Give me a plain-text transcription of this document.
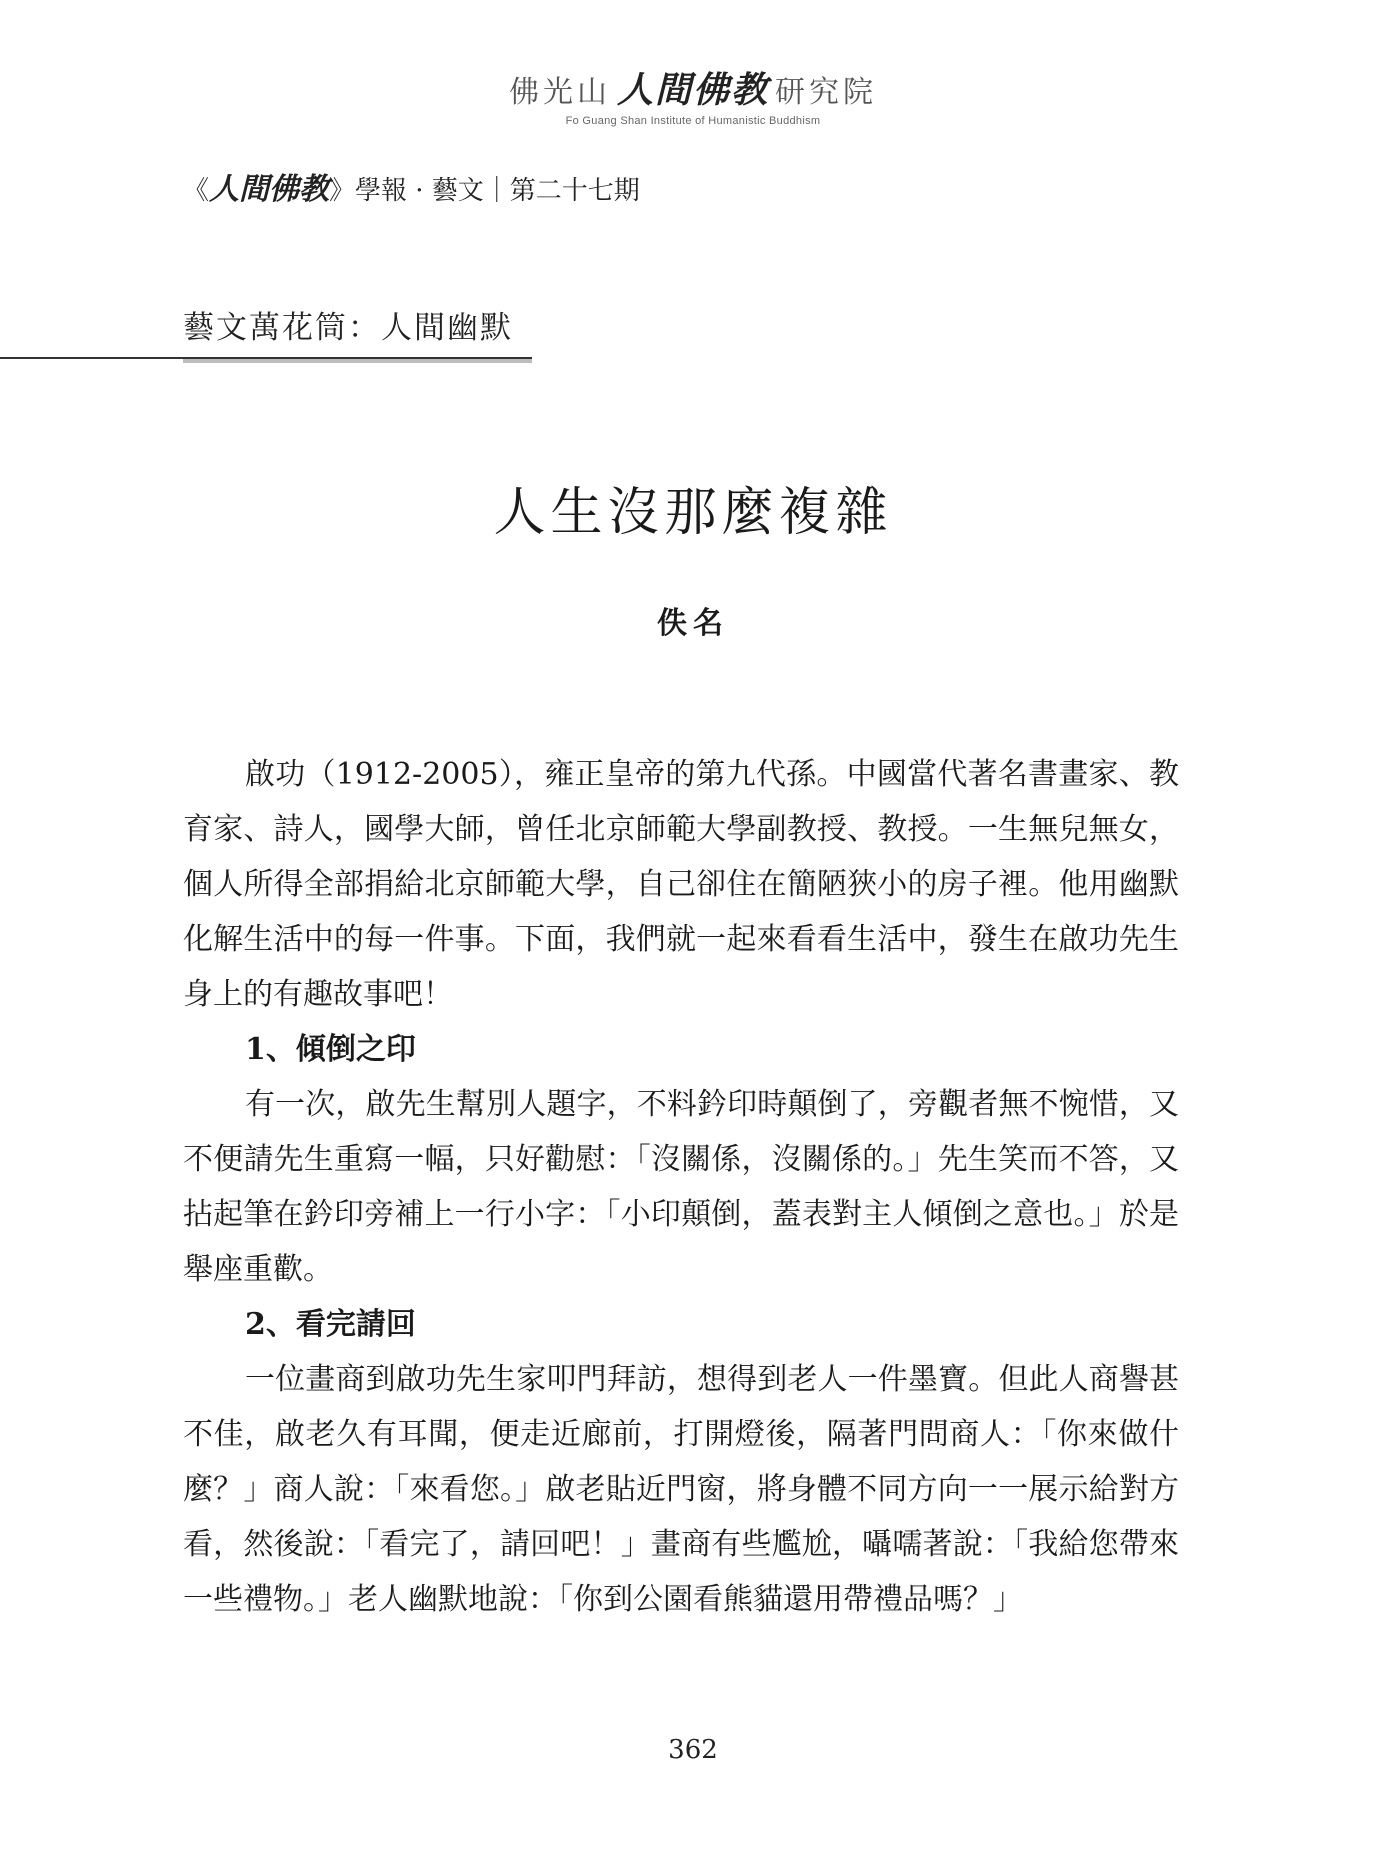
佛光山 人間佛教 研究院
Fo Guang Shan Institute of Humanistic Buddhism
《人間佛教》學報 · 藝文｜第二十七期
藝文萬花筒：人間幽默
人生沒那麼複雜
佚名

啟功（1912-2005），雍正皇帝的第九代孫。中國當代著名書畫家、教育家、詩人，國學大師，曾任北京師範大學副教授、教授。一生無兒無女，個人所得全部捐給北京師範大學，自己卻住在簡陋狹小的房子裡。他用幽默化解生活中的每一件事。下面，我們就一起來看看生活中，發生在啟功先生身上的有趣故事吧！

1、傾倒之印

有一次，啟先生幫別人題字，不料鈐印時顛倒了，旁觀者無不惋惜，又不便請先生重寫一幅，只好勸慰：「沒關係，沒關係的。」先生笑而不答，又拈起筆在鈐印旁補上一行小字：「小印顛倒，蓋表對主人傾倒之意也。」於是舉座重歡。

2、看完請回

一位畫商到啟功先生家叩門拜訪，想得到老人一件墨寶。但此人商譽甚不佳，啟老久有耳聞，便走近廊前，打開燈後，隔著門問商人：「你來做什麼？」商人說：「來看您。」啟老貼近門窗，將身體不同方向一一展示給對方看，然後說：「看完了，請回吧！」畫商有些尷尬，囁嚅著說：「我給您帶來一些禮物。」老人幽默地說：「你到公園看熊貓還用帶禮品嗎？」

362
